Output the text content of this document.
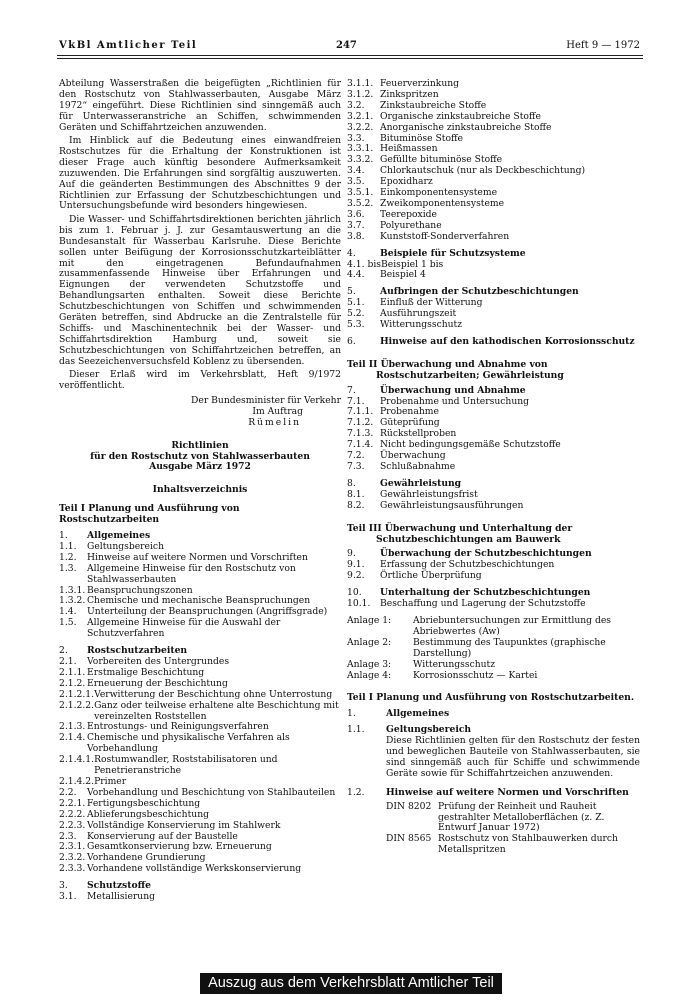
VkBl Amtlicher Teil	247	Heft 9 — 1972

Abteilung Wasserstraßen die beigefügten „Richtlinien für den Rostschutz von Stahlwasserbauten, Ausgabe März 1972“ eingeführt. Diese Richtlinien sind sinngemäß auch für Unterwasseranstriche an Schiffen, schwimmenden Geräten und Schiffahrtzeichen anzuwenden.

Im Hinblick auf die Bedeutung eines einwandfreien Rostschutzes für die Erhaltung der Konstruktionen ist dieser Frage auch künftig besondere Aufmerksamkeit zuzuwenden. Die Erfahrungen sind sorgfältig auszuwerten. Auf die geänderten Bestimmungen des Abschnittes 9 der Richtlinien zur Erfassung der Schutzbeschichtungen und Untersuchungsbefunde wird besonders hingewiesen.

Die Wasser- und Schiffahrtsdirektionen berichten jährlich bis zum 1. Februar j. J. zur Gesamtauswertung an die Bundesanstalt für Wasserbau Karlsruhe. Diese Berichte sollen unter Beifügung der Korrosionsschutzkarteiblätter mit den eingetragenen Befundaufnahmen zusammenfassende Hinweise über Erfahrungen und Eignungen der verwendeten Schutzstoffe und Behandlungsarten enthalten. Soweit diese Berichte Schutzbeschichtungen von Schiffen und schwimmenden Geräten betreffen, sind Abdrucke an die Zentralstelle für Schiffs- und Maschinentechnik bei der Wasser- und Schiffahrtsdirektion Hamburg und, soweit sie Schutzbeschichtungen von Schiffahrtzeichen betreffen, an das Seezeichenversuchsfeld Koblenz zu übersenden.

Dieser Erlaß wird im Verkehrsblatt, Heft 9/1972 veröffentlicht.

Der Bundesminister für Verkehr
Im Auftrag
Rümelin
Richtlinien
für den Rostschutz von Stahlwasserbauten
Ausgabe März 1972
Inhaltsverzeichnis
Teil I Planung und Ausführung von Rostschutzarbeiten
1.	Allgemeines
1.1.	Geltungsbereich
1.2.	Hinweise auf weitere Normen und Vorschriften
1.3.	Allgemeine Hinweise für den Rostschutz von Stahlwasserbauten
1.3.1. Beanspruchungszonen
1.3.2. Chemische und mechanische Beanspruchungen
1.4.	Unterteilung der Beanspruchungen (Angriffsgrade)
1.5.	Allgemeine Hinweise für die Auswahl der Schutzverfahren
2.	Rostschutzarbeiten
2.1.	Vorbereiten des Untergrundes
2.1.1. Erstmalige Beschichtung
2.1.2. Erneuerung der Beschichtung
2.1.2.1. Verwitterung der Beschichtung ohne Unterrostung
2.1.2.2. Ganz oder teilweise erhaltene alte Beschichtung mit vereinzelten Roststellen
2.1.3. Entrostungs- und Reinigungsverfahren
2.1.4. Chemische und physikalische Verfahren als Vorbehandlung
2.1.4.1. Rostumwandler, Roststabilisatoren und Penetrieranstriche
2.1.4.2. Primer
2.2.	Vorbehandlung und Beschichtung von Stahlbauteilen
2.2.1. Fertigungsbeschichtung
2.2.2. Ablieferungsbeschichtung
2.2.3. Vollständige Konservierung im Stahlwerk
2.3.	Konservierung auf der Baustelle
2.3.1. Gesamtkonservierung bzw. Erneuerung
2.3.2. Vorhandene Grundierung
2.3.3. Vorhandene vollständige Werkskonservierung
3.	Schutzstoffe
3.1.	Metallisierung
3.1.1. Feuerverzinkung
3.1.2. Zinkspritzen
3.2.	Zinkstaubreiche Stoffe
3.2.1. Organische zinkstaubreiche Stoffe
3.2.2. Anorganische zinkstaubreiche Stoffe
3.3.	Bituminöse Stoffe
3.3.1. Heißmassen
3.3.2. Gefüllte bituminöse Stoffe
3.4.	Chlorkautschuk (nur als Deckbeschichtung)
3.5.	Epoxidharz
3.5.1. Einkomponentensysteme
3.5.2. Zweikomponentensysteme
3.6.	Teerepoxide
3.7.	Polyurethane
3.8.	Kunststoff-Sonderverfahren
4.	Beispiele für Schutzsysteme
4.1. bis Beispiel 1 bis
4.4.	Beispiel 4
5.	Aufbringen der Schutzbeschichtungen
5.1.	Einfluß der Witterung
5.2.	Ausführungszeit
5.3.	Witterungsschutz
6.	Hinweise auf den kathodischen Korrosionsschutz
Teil II Überwachung und Abnahme von Rostschutzarbeiten; Gewährleistung
7.	Überwachung und Abnahme
7.1.	Probenahme und Untersuchung
7.1.1. Probenahme
7.1.2. Güteprüfung
7.1.3. Rückstellproben
7.1.4. Nicht bedingungsgemäße Schutzstoffe
7.2.	Überwachung
7.3.	Schlußabnahme
8.	Gewährleistung
8.1.	Gewährleistungsfrist
8.2.	Gewährleistungsausführungen
Teil III Überwachung und Unterhaltung der Schutzbeschichtungen am Bauwerk
9.	Überwachung der Schutzbeschichtungen
9.1.	Erfassung der Schutzbeschichtungen
9.2.	Örtliche Überprüfung
10.	Unterhaltung der Schutzbeschichtungen
10.1.	Beschaffung und Lagerung der Schutzstoffe
Anlage 1:	Abriebuntersuchungen zur Ermittlung des Abriebwertes (Aw)
Anlage 2:	Bestimmung des Taupunktes (graphische Darstellung)
Anlage 3:	Witterungsschutz
Anlage 4:	Korrosionsschutz — Kartei
Teil I Planung und Ausführung von Rostschutzarbeiten.
1.	Allgemeines
1.1.	Geltungsbereich
Diese Richtlinien gelten für den Rostschutz der festen und beweglichen Bauteile von Stahlwasserbauten, sie sind sinngemäß auch für Schiffe und schwimmende Geräte sowie für Schiffahrtzeichen anzuwenden.
1.2.	Hinweise auf weitere Normen und Vorschriften
DIN 8202 Prüfung der Reinheit und Rauheit gestrahlter Metalloberflächen (z. Z. Entwurf Januar 1972)
DIN 8565 Rostschutz von Stahlbauwerken durch Metallspritzen
Auszug aus dem Verkehrsblatt Amtlicher Teil
